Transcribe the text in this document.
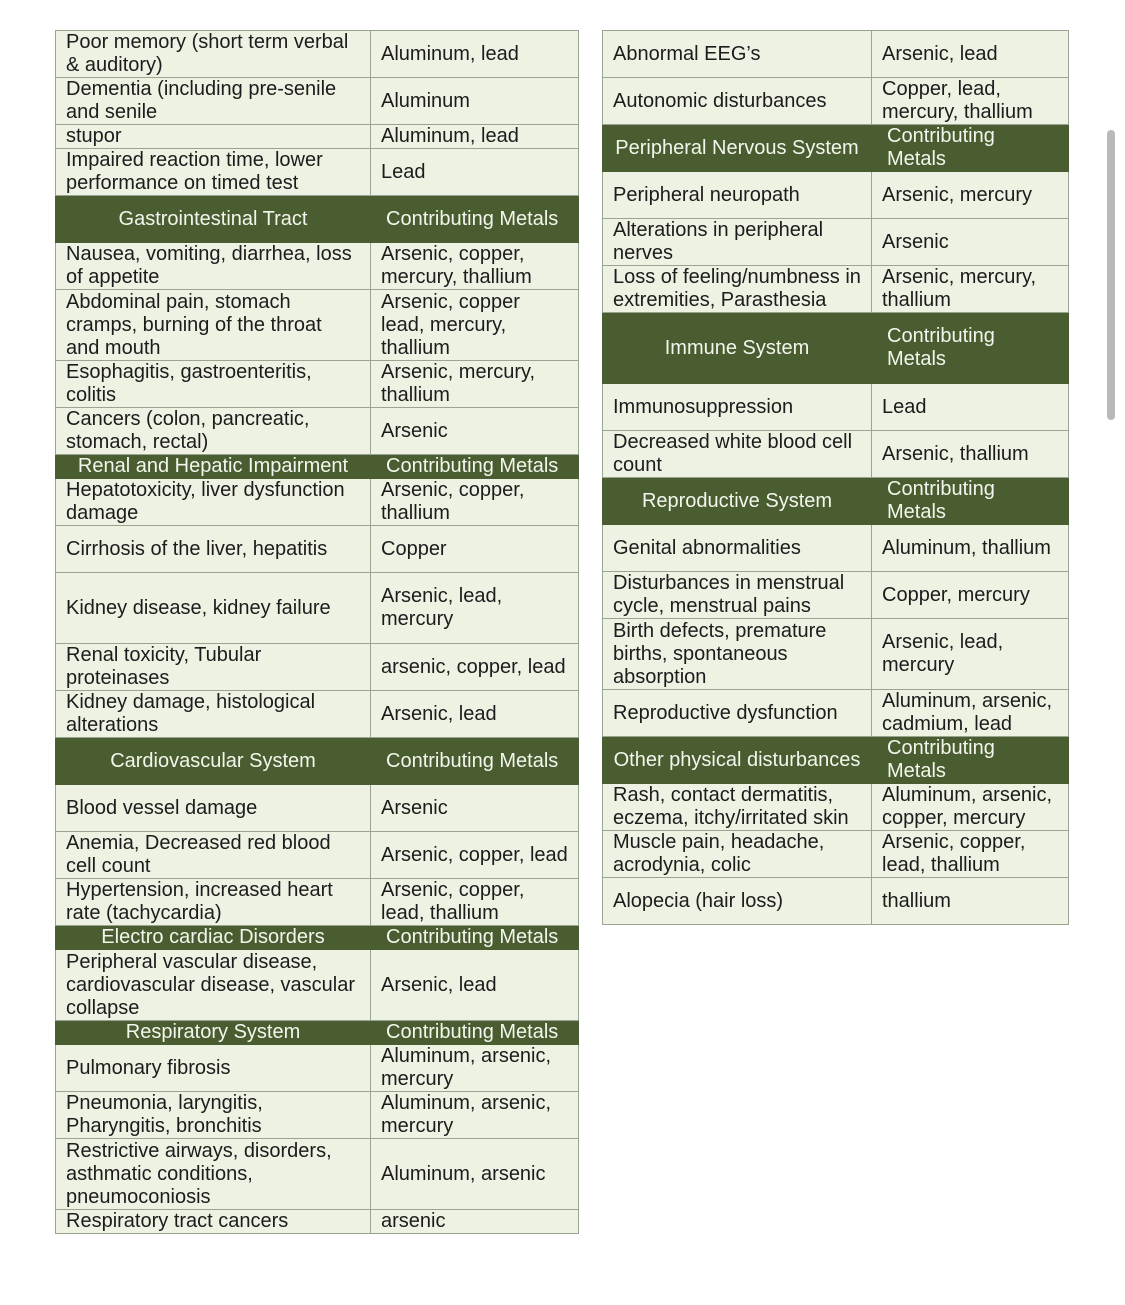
Poor memory (short term verbal & auditory)	Aluminum, lead
Dementia (including pre-senile and senile	Aluminum
stupor	Aluminum, lead
Impaired reaction time, lower performance on timed test	Lead
Gastrointestinal Tract	Contributing Metals
Nausea, vomiting, diarrhea, loss of appetite	Arsenic, copper, mercury, thallium
Abdominal pain, stomach cramps, burning of the throat and mouth	Arsenic, copper lead, mercury, thallium
Esophagitis, gastroenteritis, colitis	Arsenic, mercury, thallium
Cancers (colon, pancreatic, stomach, rectal)	Arsenic
Renal and Hepatic Impairment	Contributing Metals
Hepatotoxicity, liver dysfunction damage	Arsenic, copper, thallium
Cirrhosis of the liver, hepatitis	Copper
Kidney disease, kidney failure	Arsenic, lead, mercury
Renal toxicity, Tubular proteinases	arsenic, copper, lead
Kidney damage, histological alterations	Arsenic, lead
Cardiovascular System	Contributing Metals
Blood vessel damage	Arsenic
Anemia, Decreased red blood cell count	Arsenic, copper, lead
Hypertension, increased heart rate (tachycardia)	Arsenic, copper, lead, thallium
Electro cardiac Disorders	Contributing Metals
Peripheral vascular disease, cardiovascular disease, vascular collapse	Arsenic, lead
Respiratory System	Contributing Metals
Pulmonary fibrosis	Aluminum, arsenic, mercury
Pneumonia, laryngitis, Pharyngitis, bronchitis	Aluminum, arsenic, mercury
Restrictive airways, disorders, asthmatic conditions, pneumoconiosis	Aluminum, arsenic
Respiratory tract cancers	arsenic
Abnormal EEG’s	Arsenic, lead
Autonomic disturbances	Copper, lead, mercury, thallium
Peripheral Nervous System	Contributing Metals
Peripheral neuropath	Arsenic, mercury
Alterations in peripheral nerves	Arsenic
Loss of feeling/numbness in extremities, Parasthesia	Arsenic, mercury, thallium
Immune System	Contributing Metals
Immunosuppression	Lead
Decreased white blood cell count	Arsenic, thallium
Reproductive System	Contributing Metals
Genital abnormalities	Aluminum, thallium
Disturbances in menstrual cycle, menstrual pains	Copper, mercury
Birth defects, premature births, spontaneous absorption	Arsenic, lead, mercury
Reproductive dysfunction	Aluminum, arsenic, cadmium, lead
Other physical disturbances	Contributing Metals
Rash, contact dermatitis, eczema, itchy/irritated skin	Aluminum, arsenic, copper, mercury
Muscle pain, headache, acrodynia, colic	Arsenic, copper, lead, thallium
Alopecia (hair loss)	thallium
